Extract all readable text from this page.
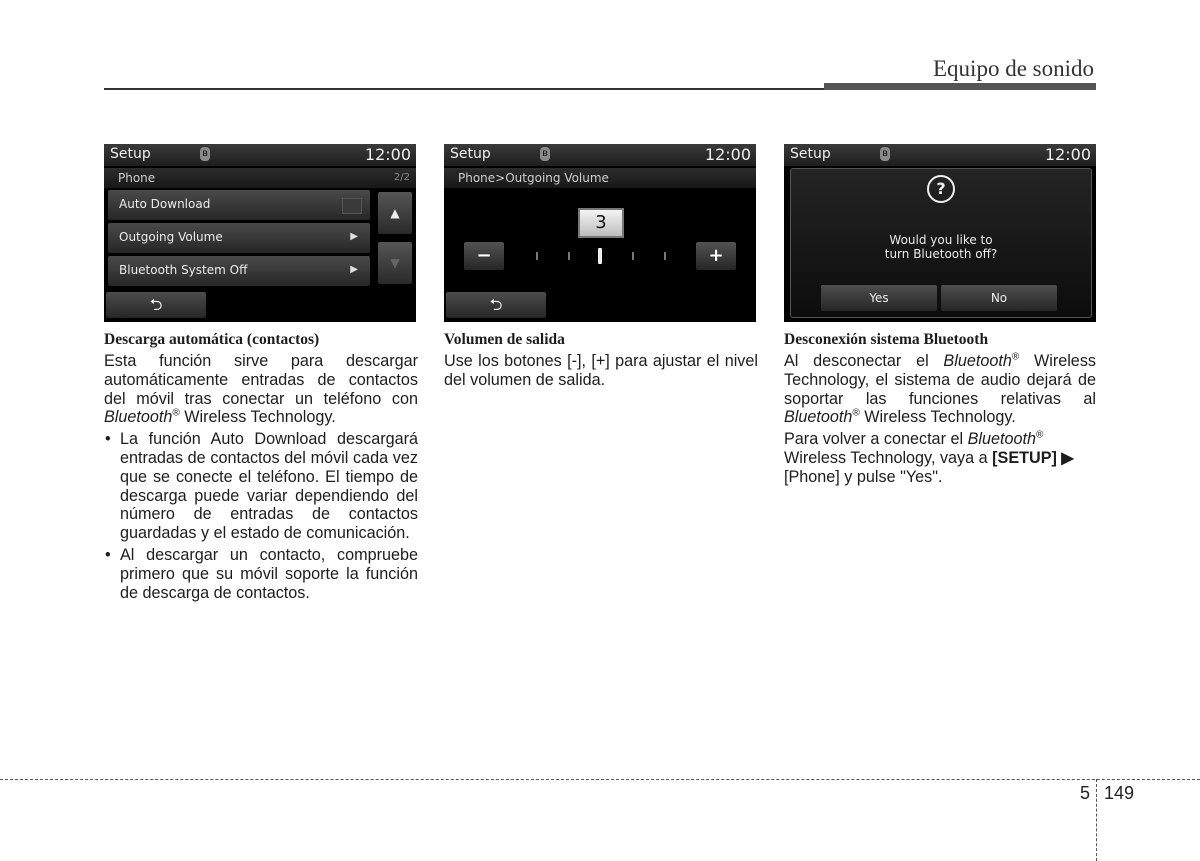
Equipo de sonido
Setup	ʙ	12:00
Phone	2/2
Auto Download
Outgoing Volume	▶
Bluetooth System Off	▶
▲
▼
⮌
Setup	ʙ	12:00
Phone>Outgoing Volume
3
−	+
⮌
Setup	ʙ	12:00
?
Would you like to
turn Bluetooth off?
Yes	No
Descarga automática (contactos)

Esta función sirve para descargar automáticamente entradas de contactos del móvil tras conectar un teléfono con Bluetooth® Wireless Technology.

• La función Auto Download descargará entradas de contactos del móvil cada vez que se conecte el teléfono. El tiempo de descarga puede variar dependiendo del número de entradas de contactos guardadas y el estado de comunicación.
• Al descargar un contacto, compruebe primero que su móvil soporte la función de descarga de contactos.
Volumen de salida

Use los botones [-], [+] para ajustar el nivel del volumen de salida.

Desconexión sistema Bluetooth

Al desconectar el Bluetooth® Wireless Technology, el sistema de audio dejará de soportar las funciones relativas al Bluetooth® Wireless Technology.

Para volver a conectar el Bluetooth® Wireless Technology, vaya a [SETUP] ▶ [Phone] y pulse "Yes".

5 149
